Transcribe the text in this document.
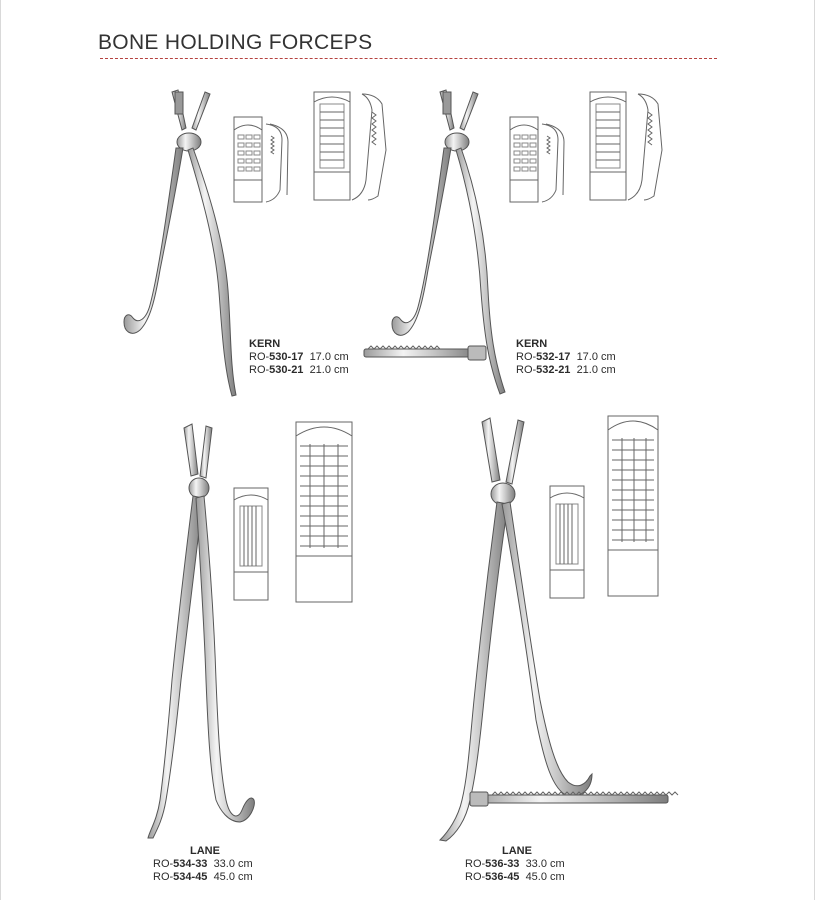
BONE HOLDING FORCEPS
KERN
RO-530-17 17.0 cm
RO-530-21 21.0 cm
KERN
RO-532-17 17.0 cm
RO-532-21 21.0 cm
LANE
RO-534-33 33.0 cm
RO-534-45 45.0 cm
LANE
RO-536-33 33.0 cm
RO-536-45 45.0 cm
